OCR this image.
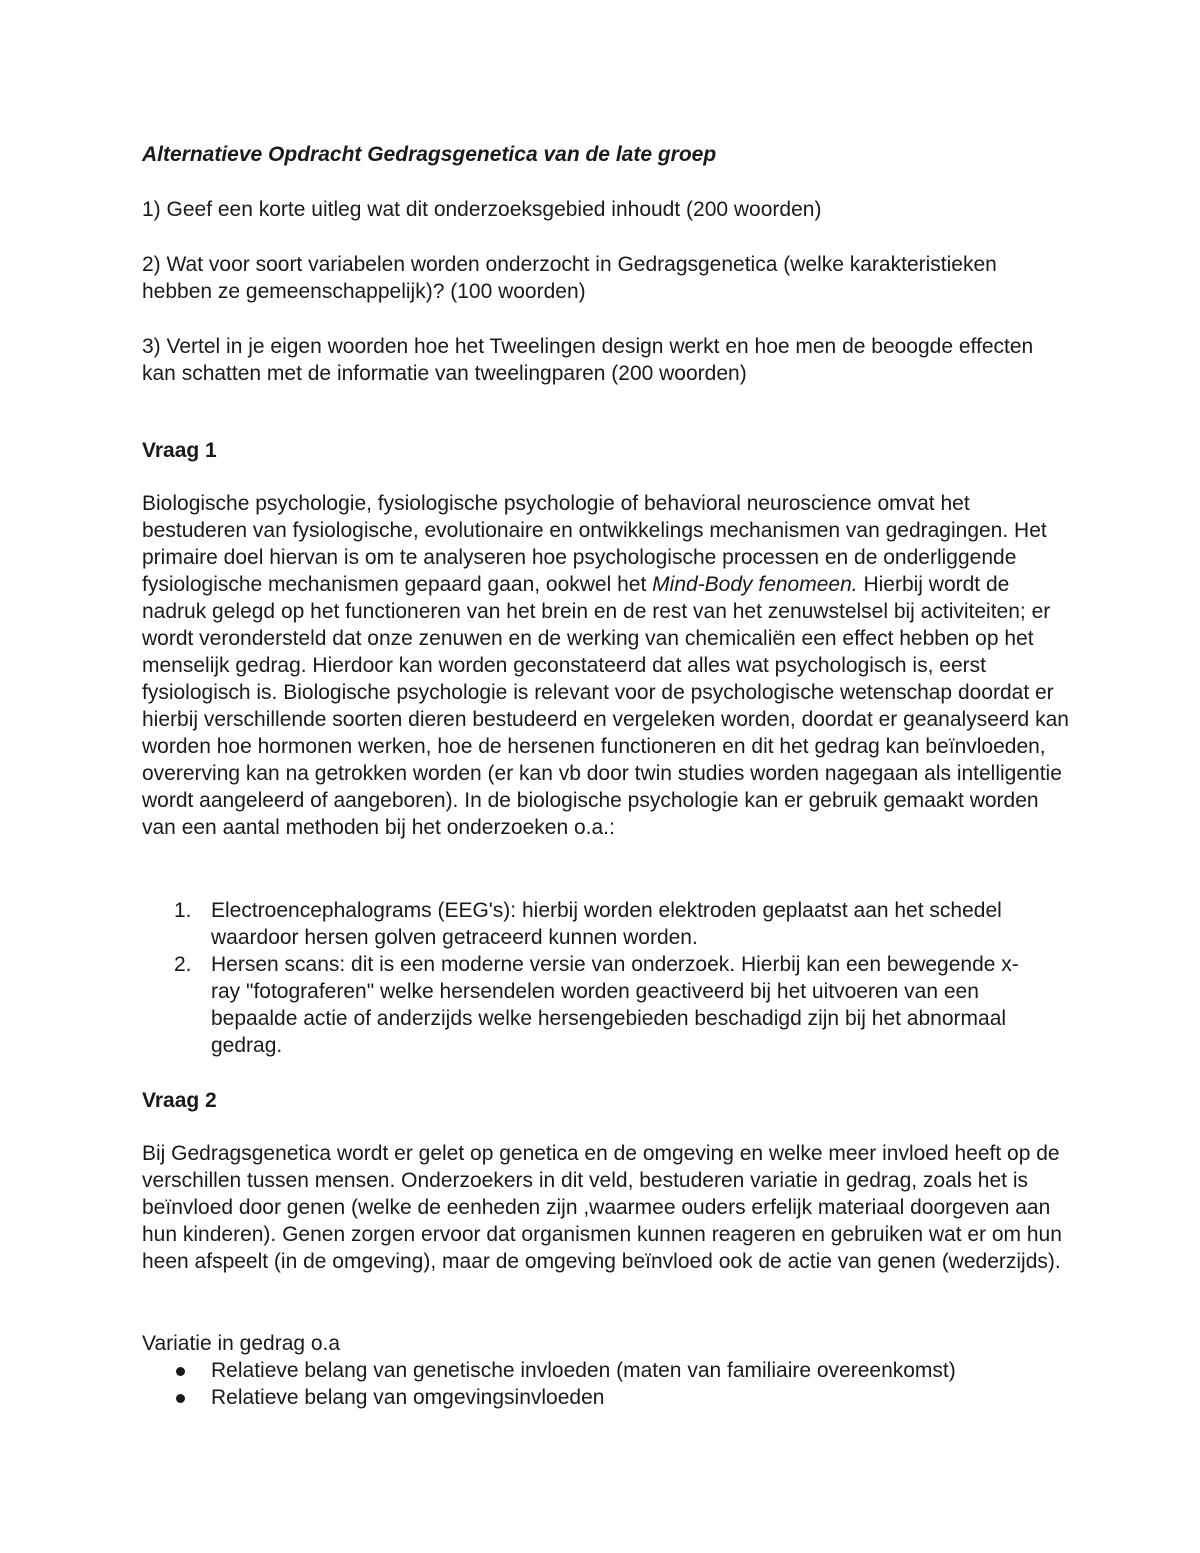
Alternatieve Opdracht Gedragsgenetica van de late groep

1) Geef een korte uitleg wat dit onderzoeksgebied inhoudt (200 woorden)

2) Wat voor soort variabelen worden onderzocht in Gedragsgenetica (welke karakteristieken hebben ze gemeenschappelijk)? (100 woorden)

3) Vertel in je eigen woorden hoe het Tweelingen design werkt en hoe men de beoogde effecten kan schatten met de informatie van tweelingparen (200 woorden)

Vraag 1

Biologische psychologie, fysiologische psychologie of behavioral neuroscience omvat het bestuderen van fysiologische, evolutionaire en ontwikkelings mechanismen van gedragingen. Het primaire doel hiervan is om te analyseren hoe psychologische processen en de onderliggende fysiologische mechanismen gepaard gaan, ookwel het Mind-Body fenomeen. Hierbij wordt de nadruk gelegd op het functioneren van het brein en de rest van het zenuwstelsel bij activiteiten; er wordt verondersteld dat onze zenuwen en de werking van chemicaliën een effect hebben op het menselijk gedrag. Hierdoor kan worden geconstateerd dat alles wat psychologisch is, eerst fysiologisch is. Biologische psychologie is relevant voor de psychologische wetenschap doordat er hierbij verschillende soorten dieren bestudeerd en vergeleken worden, doordat er geanalyseerd kan worden hoe hormonen werken, hoe de hersenen functioneren en dit het gedrag kan beïnvloeden, overerving kan na getrokken worden (er kan vb door twin studies worden nagegaan als intelligentie wordt aangeleerd of aangeboren). In de biologische psychologie kan er gebruik gemaakt worden van een aantal methoden bij het onderzoeken o.a.:

1. Electroencephalograms (EEG's): hierbij worden elektroden geplaatst aan het schedel waardoor hersen golven getraceerd kunnen worden.
2. Hersen scans: dit is een moderne versie van onderzoek. Hierbij kan een bewegende x-ray "fotograferen" welke hersendelen worden geactiveerd bij het uitvoeren van een bepaalde actie of anderzijds welke hersengebieden beschadigd zijn bij het abnormaal gedrag.

Vraag 2

Bij Gedragsgenetica wordt er gelet op genetica en de omgeving en welke meer invloed heeft op de verschillen tussen mensen. Onderzoekers in dit veld, bestuderen variatie in gedrag, zoals het is beïnvloed door genen (welke de eenheden zijn ,waarmee ouders erfelijk materiaal doorgeven aan hun kinderen). Genen zorgen ervoor dat organismen kunnen reageren en gebruiken wat er om hun heen afspeelt (in de omgeving), maar de omgeving beïnvloed ook de actie van genen (wederzijds).

Variatie in gedrag o.a

Relatieve belang van genetische invloeden (maten van familiaire overeenkomst)
Relatieve belang van omgevingsinvloeden
